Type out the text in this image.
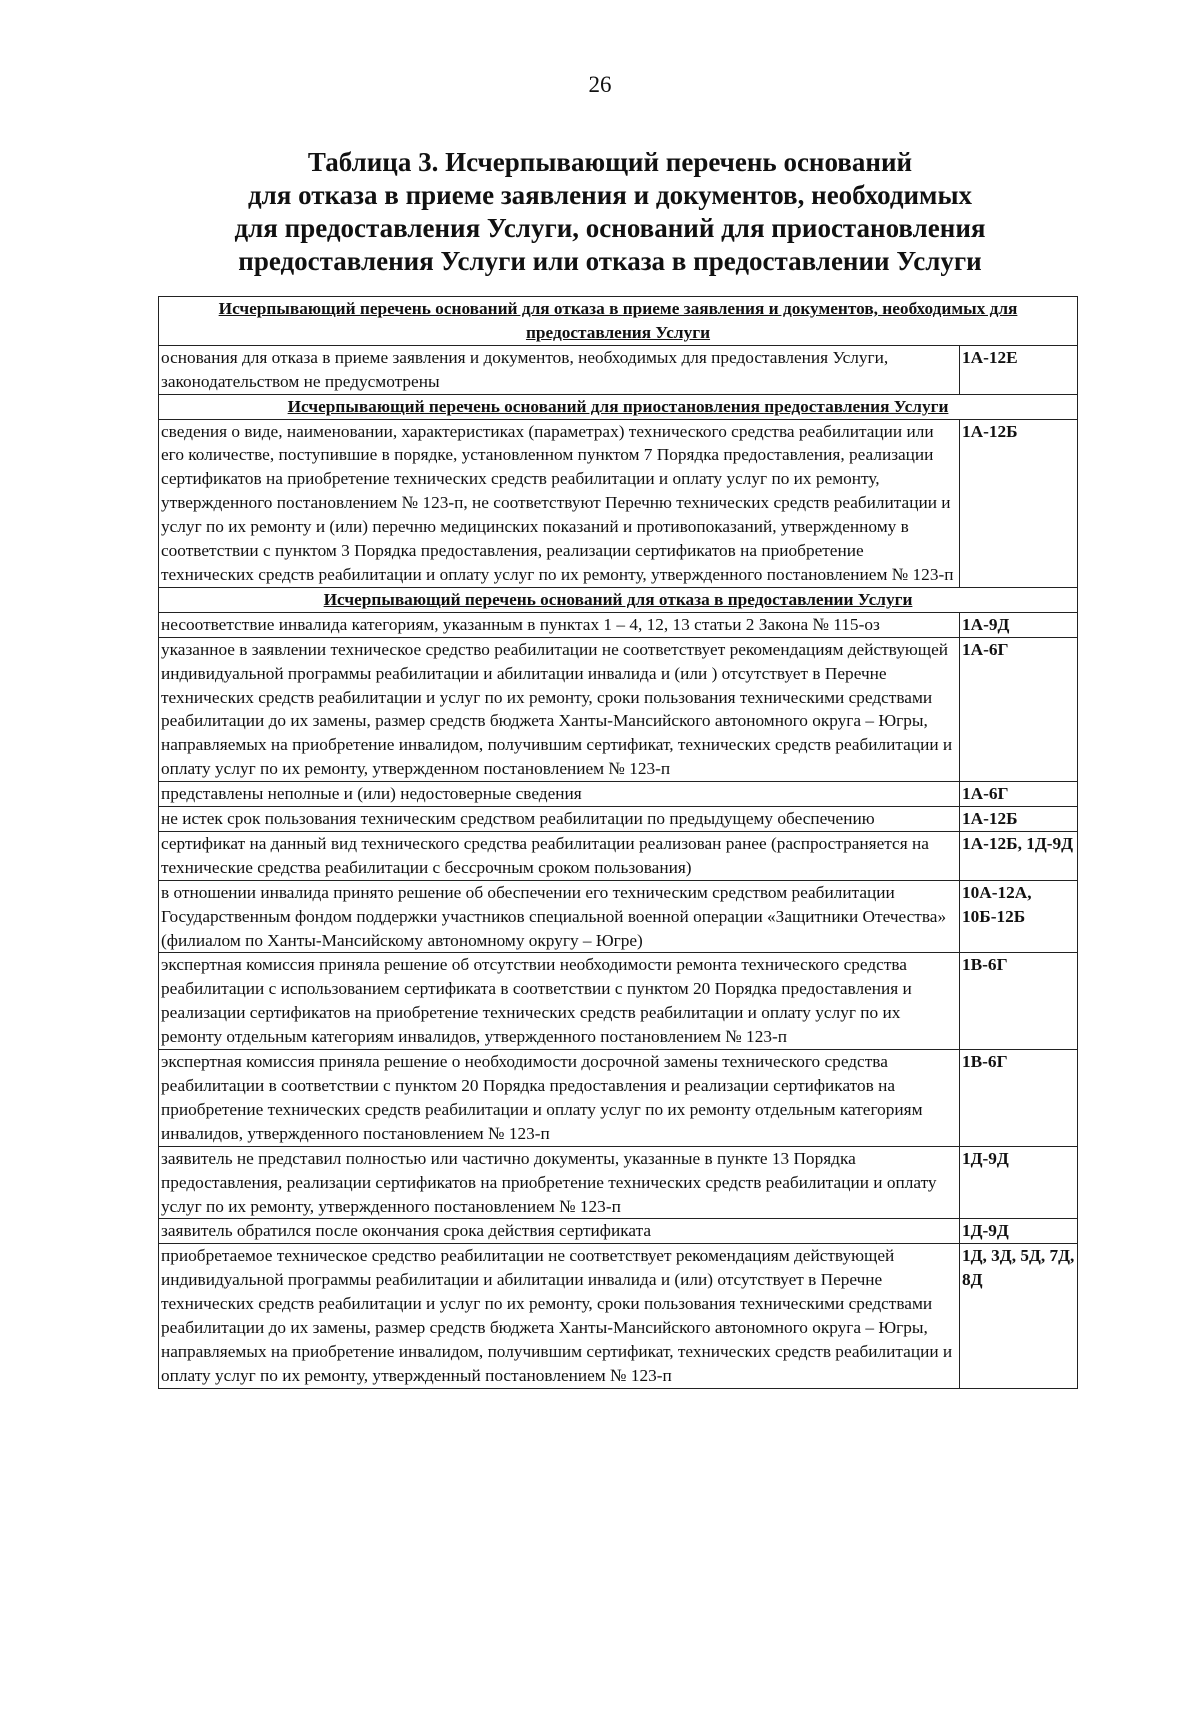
26
Таблица 3. Исчерпывающий перечень оснований
для отказа в приеме заявления и документов, необходимых
для предоставления Услуги, оснований для приостановления
предоставления Услуги или отказа в предоставлении Услуги
Исчерпывающий перечень оснований для отказа в приеме заявления и документов, необходимых для предоставления Услуги	
основания для отказа в приеме заявления и документов, необходимых для предоставления Услуги, законодательством не предусмотрены	1А-12Е
Исчерпывающий перечень оснований для приостановления предоставления Услуги	
сведения о виде, наименовании, характеристиках (параметрах) технического средства реабилитации или его количестве, поступившие в порядке, установленном пунктом 7 Порядка предоставления, реализации сертификатов на приобретение технических средств реабилитации и оплату услуг по их ремонту, утвержденного постановлением № 123-п, не соответствуют Перечню технических средств реабилитации и услуг по их ремонту и (или) перечню медицинских показаний и противопоказаний, утвержденному в соответствии с пунктом 3 Порядка предоставления, реализации сертификатов на приобретение технических средств реабилитации и оплату услуг по их ремонту, утвержденного постановлением № 123-п	1А-12Б
Исчерпывающий перечень оснований для отказа в предоставлении Услуги	
несоответствие инвалида категориям, указанным в пунктах 1 – 4, 12, 13 статьи 2 Закона № 115-оз	1А-9Д
указанное в заявлении техническое средство реабилитации не соответствует рекомендациям действующей индивидуальной программы реабилитации и абилитации инвалида и (или ) отсутствует в Перечне технических средств реабилитации и услуг по их ремонту, сроки пользования техническими средствами реабилитации до их замены, размер средств бюджета Ханты-Мансийского автономного округа – Югры, направляемых на приобретение инвалидом, получившим сертификат, технических средств реабилитации и оплату услуг по их ремонту, утвержденном постановлением № 123-п	1А-6Г
представлены неполные и (или) недостоверные сведения	1А-6Г
не истек срок пользования техническим средством реабилитации по предыдущему обеспечению	1А-12Б
сертификат на данный вид технического средства реабилитации реализован ранее (распространяется на технические средства реабилитации с бессрочным сроком пользования)	1А-12Б, 1Д-9Д
в отношении инвалида принято решение об обеспечении его техническим средством реабилитации Государственным фондом поддержки участников специальной военной операции «Защитники Отечества» (филиалом по Ханты-Мансийскому автономному округу – Югре)	10А-12А, 10Б-12Б
экспертная комиссия приняла решение об отсутствии необходимости ремонта технического средства реабилитации с использованием сертификата в соответствии с пунктом 20 Порядка предоставления и реализации сертификатов на приобретение технических средств реабилитации и оплату услуг по их ремонту отдельным категориям инвалидов, утвержденного постановлением № 123-п	1В-6Г
экспертная комиссия приняла решение о необходимости досрочной замены технического средства реабилитации в соответствии с пунктом 20 Порядка предоставления и реализации сертификатов на приобретение технических средств реабилитации и оплату услуг по их ремонту отдельным категориям инвалидов, утвержденного постановлением № 123-п	1В-6Г
заявитель не представил полностью или частично документы, указанные в пункте 13 Порядка предоставления, реализации сертификатов на приобретение технических средств реабилитации и оплату услуг по их ремонту, утвержденного постановлением № 123-п	1Д-9Д
заявитель обратился после окончания срока действия сертификата	1Д-9Д
приобретаемое техническое средство реабилитации не соответствует рекомендациям действующей индивидуальной программы реабилитации и абилитации инвалида и (или) отсутствует в Перечне технических средств реабилитации и услуг по их ремонту, сроки пользования техническими средствами реабилитации до их замены, размер средств бюджета Ханты-Мансийского автономного округа – Югры, направляемых на приобретение инвалидом, получившим сертификат, технических средств реабилитации и оплату услуг по их ремонту, утвержденный постановлением № 123-п	1Д, 3Д, 5Д, 7Д, 8Д
